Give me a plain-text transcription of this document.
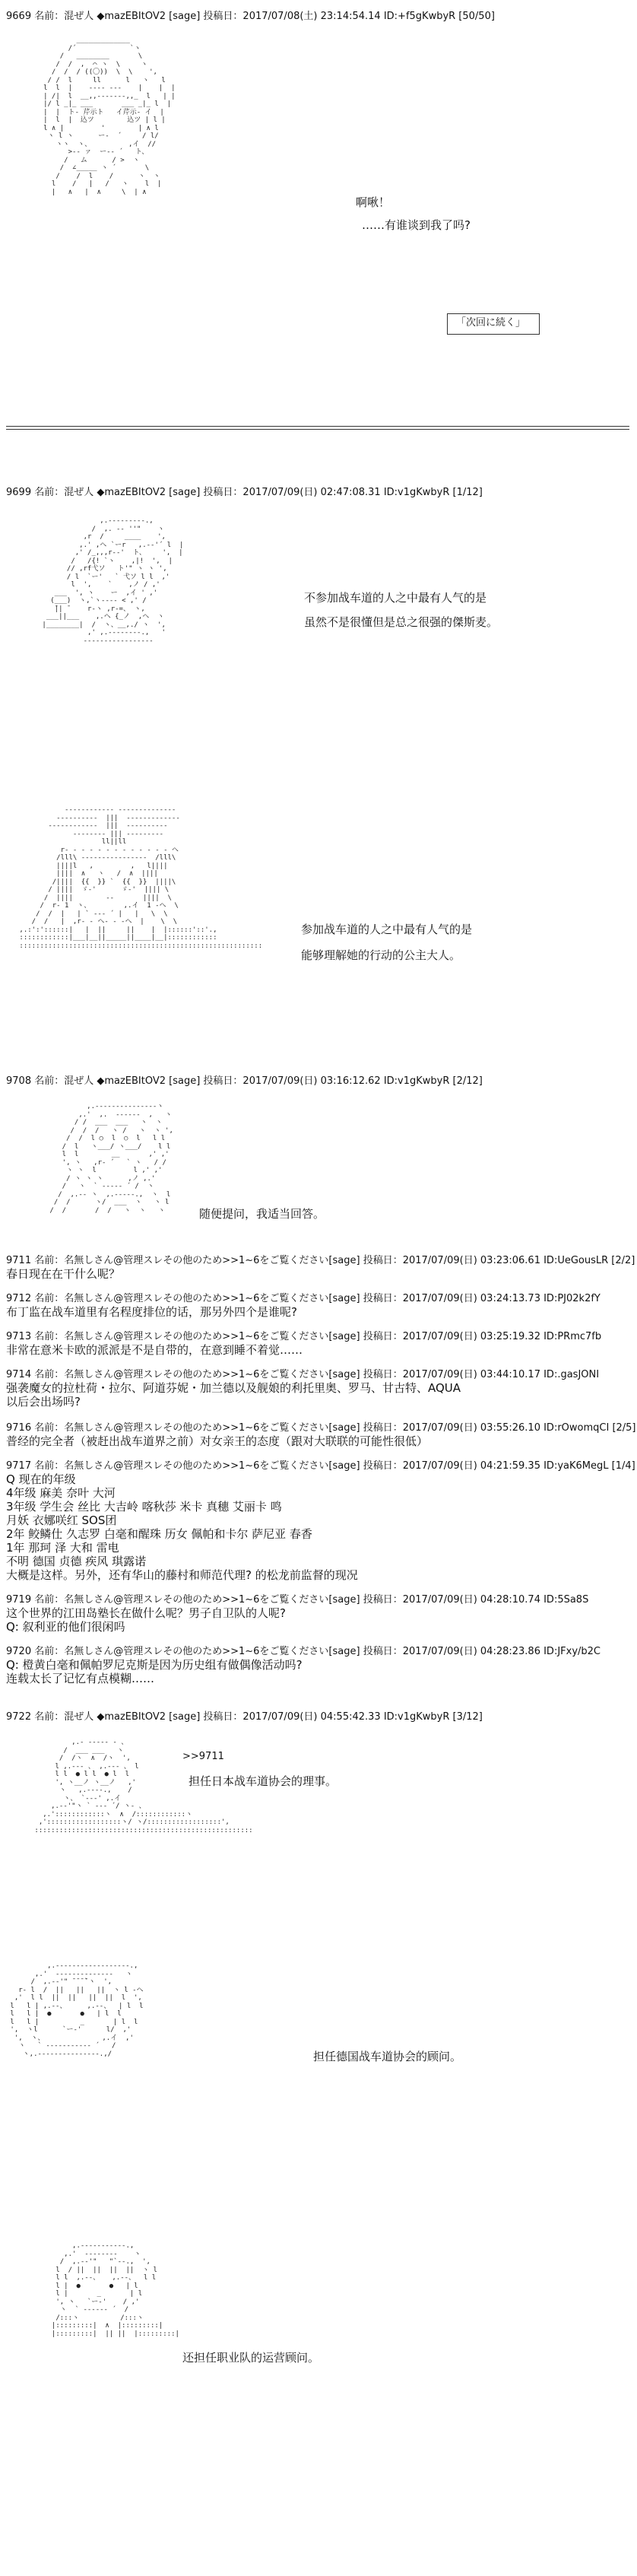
9669 名前：混ぜ人 ◆mazEBItOV2 [sage] 投稿日：2017/07/08(土) 23:14:54.14 ID:+f5gKwbyR [50/50]
_____________
/´             `ヽ
/   ________       \
/  /  ,  ⌒ ヽ  \     ヽ
/  /  / ((〇))  \  \    ',
/ /  l     ll      l   ヽ   l
l  l  |    ‐‐‐‐ ‐‐‐    |    |  |
| /|  l  __,,--‐‐‐--,,_  l   | |
|/ l _|_ ___       ___ _|_ l  |
|  |  ト‐ 芹示ト   イ芹示- イ  |
|  l  |  込ツ        込ツ | l |
l ∧ |         '        | ∧ l
ヽ l ヽ      ー-  ´     / l/
ヽヽ  ヽ、         ,イ  //
>‐‐ ァ  ー-‐ ´   ト、
/   ム      / >  ヽ
/  ∠_____ ヽ ´       \
/    /  l    /      ヽ  ヽ
l    /   |   /   ヽ    l  |
|   ∧   |  ∧     \  | ∧

啊啾！
……有谁谈到我了吗?
「次回に続く」
9699 名前：混ぜ人 ◆mazEBItOV2 [sage] 投稿日：2017/07/09(日) 02:47:08.31 ID:v1gKwbyR [1/12]
,.-‐‐‐‐‐‐‐-.,
/  ,. -‐ ''"    ヽ
,r  /     ____    ',
,.' ,ヘ `ーr   ,.-‐'´ l  |
,' /_,,,r‐‐'  ト、    ',  |
/   /{! `ヽ    ,|!  ',  |
// ,rf弋ソ   ト'" ヽ ヽ ',
/ l  `ー'   ` 弋ソ l l  ,'
l  ',    `    ,ノ / ,'
___  ', ヽ    ー  ,イ ' ,'
(___)  ヽ,`ヽ--‐‐ < ,' /
̄|| ̄     r‐ヽ ,r‐=、 ヽ,
___||___    ,.ヘ {_ノ  ,ヘ  ヽ
|________|  /  ヽ、__,./ ヽ  ',
,' ,.---‐‐---.,   '
‐‐‐‐‐‐‐‐‐‐‐‐‐‐‐‐‐

不参加战车道的人之中最有人气的是
虽然不是很懂但是总之很强的傑斯麦。
‐‐‐‐‐‐‐‐‐‐‐‐ ‐‐‐‐‐‐‐‐‐‐‐‐‐‐
‐‐‐‐‐‐‐‐‐‐  |||  ‐‐‐‐‐‐‐‐‐‐‐‐‐
‐‐‐‐‐‐‐‐‐‐‐‐  |||  ‐‐‐‐‐‐‐‐‐‐
‐‐‐‐‐‐‐‐ ||| ‐‐‐‐‐‐‐‐‐
ll||ll
r‐ ‐ ‐ ‐ ‐ ‐ ‐ ‐ ‐ ‐ ‐ ‐ ‐ ヘ
/lll\ ‐‐‐‐‐‐‐‐‐‐‐‐‐‐‐‐  /lll\
||||l   ,         ,   l||||
||||  ∧   ヽ   /  ∧  ||||
/||||  {{  }} `  {{  }}  ||||\
/ ||||  ゞ‐'      ゞ‐'  |||| \
/  ||||        ‐‐       ||||  \
/  r‐ 1  ヽ、        ,.イ  1 ‐ヘ  \
/  /  |   | ` ‐‐‐ ´ |   |   \  \
/  /   |  ,r‐ ‐ ヘ‐ ‐ ‐ヘ  |    \  \
,.:':'::::::|   |  ||     ||    |  |::::::'::'.,
::::::::::::|___|__||_____||____|__|::::::::::::
:::::::::::::::::::::::::::::::::::::::::::::::::::::::::::

参加战车道的人之中最有人气的是
能够理解她的行动的公主大人。
9708 名前：混ぜ人 ◆mazEBItOV2 [sage] 投稿日：2017/07/09(日) 03:16:12.62 ID:v1gKwbyR [2/12]
,.-‐‐‐‐‐‐‐‐‐‐‐‐‐‐ヽ
,.'  ,.  -‐‐‐‐-  ,   ヽ
/ /  ___  ___   ヽ  ヽ
/  /  /   ヽ /   ヽ  ヽ ',
/  /  l ○  l  ○  l   l l
/  l   ヽ___/ ヽ___/    l l
l  l        __       ,' ,'
', ヽ   ,r‐ ´   ` ヽ   / /
ヽ ヽ  l         l ,' ,'
/ ヽ ヽ ヽ      ,ノ ,.'
/   ヽ  ` ‐‐‐‐‐ ´ /  ヽ
/  ,.-‐ ヽ  ,.-‐‐‐-.,  ヽ  l
/  /      ヽ/  ___  ヽ   ヽ l
/  /       /  /   ヽ  ヽ   ヽ	随便提问，我适当回答。
9711 名前：名無しさん@管理スレその他のため>>1~6をご覧ください[sage] 投稿日：2017/07/09(日) 03:23:06.61 ID:UeGousLR [2/2]
春日现在在干什么呢？
9712 名前：名無しさん@管理スレその他のため>>1~6をご覧ください[sage] 投稿日：2017/07/09(日) 03:24:13.73 ID:PJ02k2fY
布丁监在战车道里有名程度排位的话，那另外四个是谁呢?
9713 名前：名無しさん@管理スレその他のため>>1~6をご覧ください[sage] 投稿日：2017/07/09(日) 03:25:19.32 ID:PRmc7fb
非常在意米卡欧的派派是不是自带的，在意到睡不着觉……
9714 名前：名無しさん@管理スレその他のため>>1~6をご覧ください[sage] 投稿日：2017/07/09(日) 03:44:10.17 ID:.gasJONI
强袭魔女的拉杜荷・拉尔、阿道芬妮・加兰德以及舰娘的利托里奥、罗马、甘古特、AQUA
以后会出场吗?
9716 名前：名無しさん@管理スレその他のため>>1~6をご覧ください[sage] 投稿日：2017/07/09(日) 03:55:26.10 ID:rOwomqCI [2/5]
普经的完全者（被赶出战车道界之前）对女亲王的态度（跟对大联联的可能性很低）
9717 名前：名無しさん@管理スレその他のため>>1~6をご覧ください[sage] 投稿日：2017/07/09(日) 04:21:59.35 ID:yaK6MegL [1/4]
Q 现在的年级
4年级 麻美 奈叶 大河
3年级 学生会 丝比 大吉岭 喀秋莎 米卡 真穗 艾丽卡 鸣
月妖 衣娜咲红 SOS团
2年 鲛鳞仕 久志罗 白毫和醒珠 历女 佩帕和卡尔 萨尼亚 春香
1年 那珂 泽 大和 雷电
不明 德国 贞德 疾风 琪露诺
大概是这样。另外，还有华山的藤村和师范代理? 的松龙前监督的现况
9719 名前：名無しさん@管理スレその他のため>>1~6をご覧ください[sage] 投稿日：2017/07/09(日) 04:28:10.74 ID:5Sa8S
这个世界的江田岛塾长在做什么呢？男子自卫队的人呢?
Q: 叙利亚的他们很闲吗
9720 名前：名無しさん@管理スレその他のため>>1~6をご覧ください[sage] 投稿日：2017/07/09(日) 04:28:23.86 ID:JFxy/b2C
Q: 橙黄白毫和佩帕罗尼克斯是因为历史组有做偶像活动吗?
连载太长了记忆有点模糊……
9722 名前：混ぜ人 ◆mazEBItOV2 [sage] 投稿日：2017/07/09(日) 04:55:42.33 ID:v1gKwbyR [3/12]
,.- ‐‐‐‐‐ - 、
/  ___ ___   ヽ
/  /ヽ  ∧  /ヽ  ',
l ,.-‐- 、 ,.-‐- 、 l
l l  ● l l  ● l  l
', ヽ__ノ ヽ__ノ   ,'
ヽ   ,.-‐‐-.,    /
ヽ、 `‐‐‐' ,.イ
,.-‐'"ヽ ` ‐‐‐ ´/ ヽ‐ 、
,.'::::::::::::ヽ  ∧  /::::::::::::ヽ
,'::::::::::::::::::ヽ/ ヽ/::::::::::::::::::',
:::::::::::::::::::::::::::::::::::::::::::::::::::::

>>9711
担任日本战车道协会的理事。
,.-‐‐‐‐‐‐‐‐‐‐‐‐‐‐‐‐-.,
,.'  ‐‐‐‐‐‐‐‐‐‐‐‐‐‐   ヽ
/  ,.-‐'" ̄ ̄ ̄ ̄`ヽ  ',
r‐ l  /  ||   ||   ||  ヽ l ‐ヘ
,'  l l  ||  ||   ||  ||  l  ',
l   l | ,.-‐、     ,.-‐、  | l  l
l   l |  ●       ●   | l  l
l   l |          _       | l  l
',  ヽl      `ー‐'      l/  ,'
',  ヽ、              ,.イ  ,'
ヽ   ` ‐‐‐‐‐‐‐‐‐‐‐ ´   /
ヽ,.-‐‐‐‐‐‐‐‐‐‐‐‐‐-.,/	担任德国战车道协会的顾问。
,.-‐‐‐-‐‐‐‐‐-.,
,.'  ‐‐‐‐‐‐‐‐    ヽ
/  ,.-‐'"   "`‐-.,  ',
l  / ||  ||  ||  ||  ヽ l
l l  ,.-‐、   ,.-‐、  l l
l |  ●       ●   | l
l |       _       | l
', ヽ   `ー‐'    / ,'
ヽ  ` ‐‐‐‐‐‐ ´  /
/:::ヽ          /:::ヽ
|:::::::::|  ∧  |:::::::::|
|:::::::::|  || ||  |:::::::::|

还担任职业队的运营顾问。
